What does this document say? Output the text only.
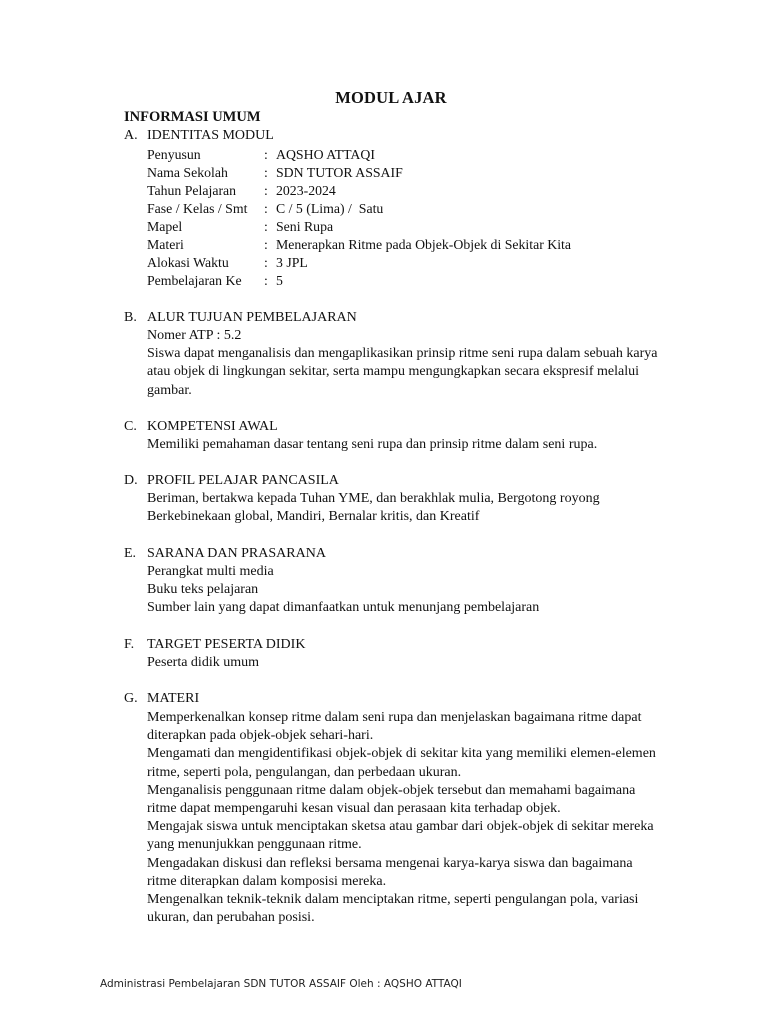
MODUL AJAR
INFORMASI UMUM
A. IDENTITAS MODUL
Penyusun	: AQSHO ATTAQI
Nama Sekolah	: SDN TUTOR ASSAIF
Tahun Pelajaran : 2023-2024
Fase / Kelas / Smt : C / 5 (Lima) /  Satu
Mapel	: Seni Rupa
Materi	: Menerapkan Ritme pada Objek-Objek di Sekitar Kita
Alokasi Waktu	: 3 JPL
Pembelajaran Ke : 5
B. ALUR TUJUAN PEMBELAJARAN

Nomer ATP : 5.2

Siswa dapat menganalisis dan mengaplikasikan prinsip ritme seni rupa dalam sebuah karya

atau objek di lingkungan sekitar, serta mampu mengungkapkan secara ekspresif melalui

gambar.

C. KOMPETENSI AWAL

Memiliki pemahaman dasar tentang seni rupa dan prinsip ritme dalam seni rupa.

D. PROFIL PELAJAR PANCASILA

Beriman, bertakwa kepada Tuhan YME, dan berakhlak mulia, Bergotong royong

Berkebinekaan global, Mandiri, Bernalar kritis, dan Kreatif

E. SARANA DAN PRASARANA

Perangkat multi media

Buku teks pelajaran

Sumber lain yang dapat dimanfaatkan untuk menunjang pembelajaran

F. TARGET PESERTA DIDIK

Peserta didik umum

G. MATERI

Memperkenalkan konsep ritme dalam seni rupa dan menjelaskan bagaimana ritme dapat

diterapkan pada objek-objek sehari-hari.

Mengamati dan mengidentifikasi objek-objek di sekitar kita yang memiliki elemen-elemen

ritme, seperti pola, pengulangan, dan perbedaan ukuran.

Menganalisis penggunaan ritme dalam objek-objek tersebut dan memahami bagaimana

ritme dapat mempengaruhi kesan visual dan perasaan kita terhadap objek.

Mengajak siswa untuk menciptakan sketsa atau gambar dari objek-objek di sekitar mereka

yang menunjukkan penggunaan ritme.

Mengadakan diskusi dan refleksi bersama mengenai karya-karya siswa dan bagaimana

ritme diterapkan dalam komposisi mereka.

Mengenalkan teknik-teknik dalam menciptakan ritme, seperti pengulangan pola, variasi

ukuran, dan perubahan posisi.

Administrasi Pembelajaran SDN TUTOR ASSAIF Oleh : AQSHO ATTAQI
